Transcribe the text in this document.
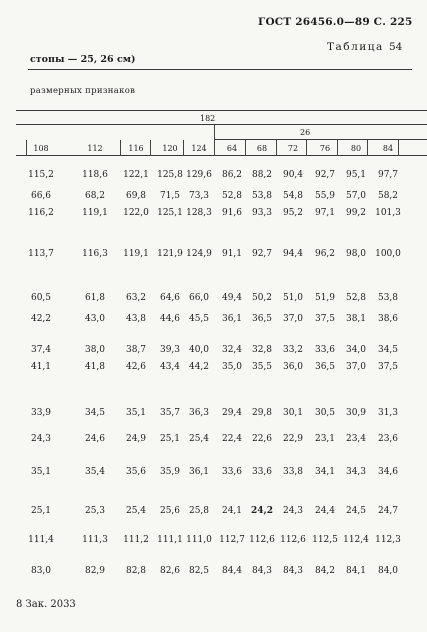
ГОСТ 26456.0—89 С. 225
Таблица 54
стопы — 25, 26 см)
размерных признаков
182
26
108	112	116	120	124	64	68	72	76	80	84
115,2	118,6	122,1 125,8 129,6	86,2	88,2	90,4	92,7	95,1	97,7
66,6	68,2	69,8	71,5 73,3	52,8	53,8	54,8	55,9	57,0	58,2
116,2	119,1	122,0 125,1 128,3	91,6	93,3	95,2	97,1	99,2	101,3
113,7	116,3	119,1 121,9 124,9	91,1	92,7	94,4	96,2	98,0	100,0
60,5	61,8	63,2	64,6 66,0	49,4	50,2	51,0	51,9	52,8	53,8
42,2	43,0	43,8	44,6 45,5	36,1	36,5	37,0	37,5	38,1	38,6
37,4	38,0	38,7	39,3 40,0	32,4	32,8	33,2	33,6	34,0	34,5
41,1	41,8	42,6	43,4 44,2	35,0	35,5	36,0	36,5	37,0	37,5
33,9	34,5	35,1	35,7 36,3	29,4	29,8	30,1	30,5	30,9	31,3
24,3	24,6	24,9	25,1 25,4	22,4	22,6	22,9	23,1	23,4	23,6
35,1	35,4	35,6	35,9 36,1	33,6	33,6	33,8	34,1	34,3	34,6
25,1	25,3	25,4	25,6 25,8	24,1	24,2	24,3	24,4	24,5	24,7
111,4	111,3	111,2 111,1 111,0 112,7 112,6 112,6 112,5 112,4 112,3
83,0	82,9	82,8	82,6 82,5	84,4	84,3	84,3	84,2	84,1	84,0
8 Зак. 2033
